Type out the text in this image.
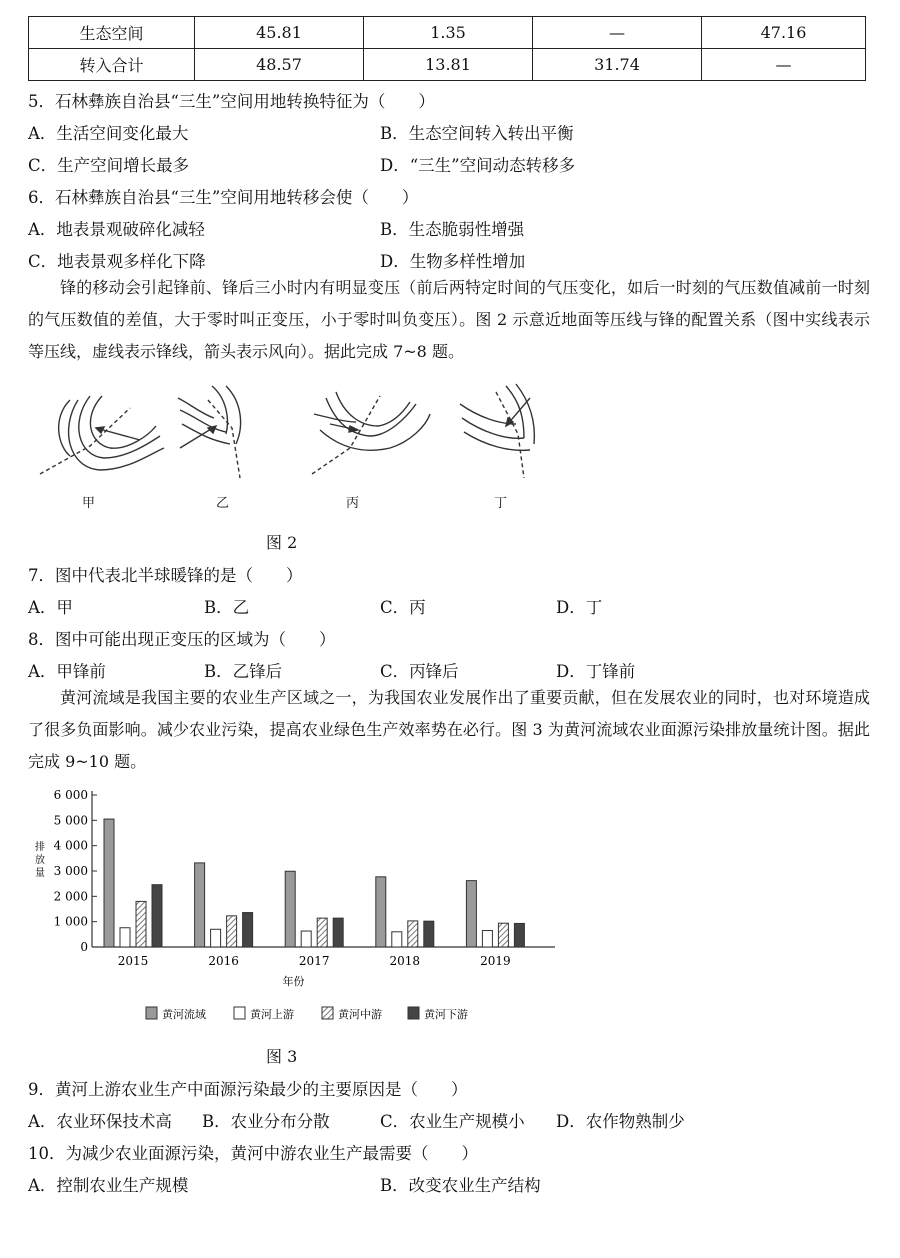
生态空间	45.81	1.35	—	47.16
转入合计	48.57	13.81	31.74	—
5．石林彝族自治县“三生”空间用地转换特征为（　　）
A．生活空间变化最大	B．生态空间转入转出平衡
C．生产空间增长最多	D．“三生”空间动态转移多
6．石林彝族自治县“三生”空间用地转移会使（　　）
A．地表景观破碎化减轻	B．生态脆弱性增强
C．地表景观多样化下降	D．生物多样性增加
锋的移动会引起锋前、锋后三小时内有明显变压（前后两特定时间的气压变化，如后一时刻的气压数值减前一时刻的气压数值的差值，大于零时叫正变压，小于零时叫负变压）。图 2 示意近地面等压线与锋的配置关系（图中实线表示等压线，虚线表示锋线，箭头表示风向）。据此完成 7~8 题。
甲	乙	丙	丁
图 2
7．图中代表北半球暖锋的是（　　）
A．甲	B．乙	C．丙	D．丁
8．图中可能出现正变压的区域为（　　）
A．甲锋前	B．乙锋后	C．丙锋后	D．丁锋前
黄河流域是我国主要的农业生产区域之一，为我国农业发展作出了重要贡献，但在发展农业的同时，也对环境造成了很多负面影响。减少农业污染，提高农业绿色生产效率势在必行。图 3 为黄河流域农业面源污染排放量统计图。据此完成 9~10 题。
0
1 000
2 000
3 000
4 000
5 000
6 000
排
放
量
2015	2016	2017	2018	2019
年份
黄河流域	黄河上游	黄河中游	黄河下游
图 3
9．黄河上游农业生产中面源污染最少的主要原因是（　　）
A．农业环保技术高 B．农业分布分散	C．农业生产规模小 D．农作物熟制少
10．为减少农业面源污染，黄河中游农业生产最需要（　　）
A．控制农业生产规模	B．改变农业生产结构
